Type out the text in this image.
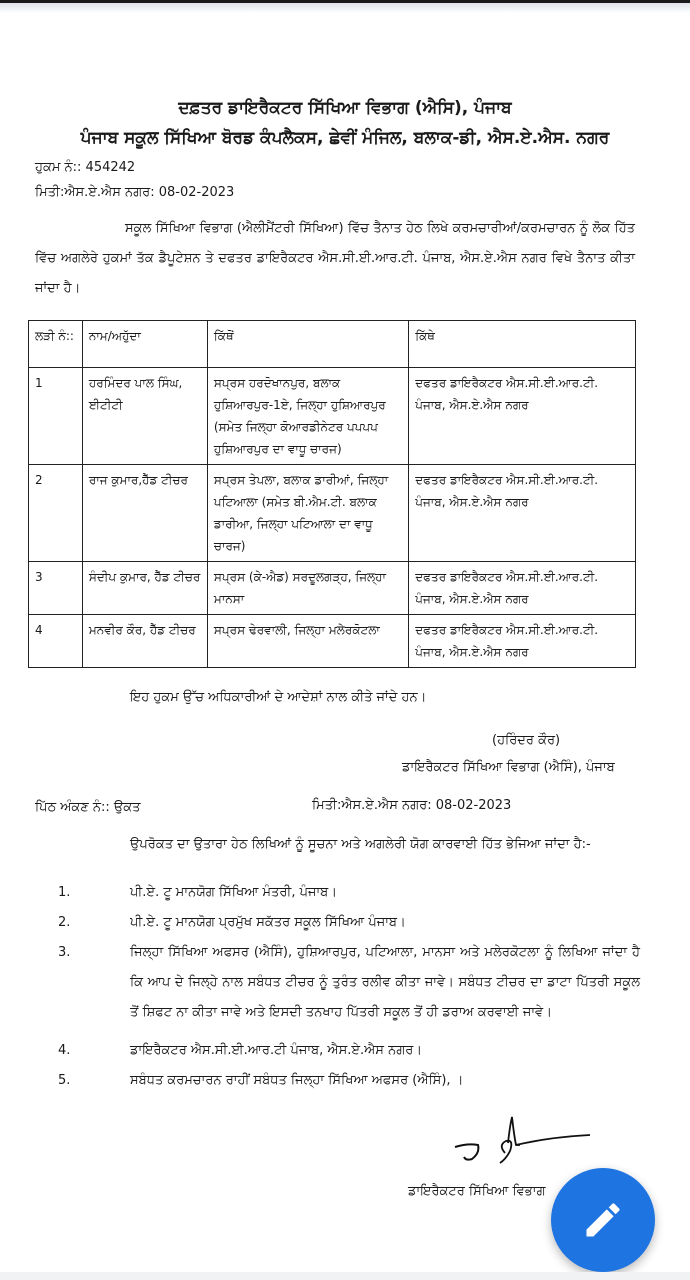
ਦਫ਼ਤਰ ਡਾਇਰੈਕਟਰ ਸਿੱਖਿਆ ਵਿਭਾਗ (ਐਸਿ), ਪੰਜਾਬ
ਪੰਜਾਬ ਸਕੂਲ ਸਿੱਖਿਆ ਬੋਰਡ ਕੰਪਲੈਕਸ, ਛੇਵੀਂ ਮੰਜਿਲ, ਬਲਾਕ-ਡੀ, ਐਸ.ਏ.ਐਸ. ਨਗਰ
ਹੁਕਮ ਨੰ:: 454242
ਮਿਤੀ:ਐਸ.ਏ.ਐਸ ਨਗਰ: 08-02-2023
ਸਕੂਲ ਸਿੱਖਿਆ ਵਿਭਾਗ (ਐਲੀਮੈਂਟਰੀ ਸਿੱਖਿਆ) ਵਿੱਚ ਤੈਨਾਤ ਹੇਠ ਲਿਖੇ ਕਰਮਚਾਰੀਆਂ/ਕਰਮਚਾਰਨ ਨੂੰ ਲੋਕ ਹਿੱਤ ਵਿੱਚ ਅਗਲੇਰੇ ਹੁਕਮਾਂ ਤੱਕ ਡੈਪੂਟੇਸ਼ਨ ਤੇ ਦਫਤਰ ਡਾਇਰੈਕਟਰ ਐਸ.ਸੀ.ਈ.ਆਰ.ਟੀ. ਪੰਜਾਬ, ਐਸ.ਏ.ਐਸ ਨਗਰ ਵਿਖੇ ਤੈਨਾਤ ਕੀਤਾ ਜਾਂਦਾ ਹੈ।
ਲੜੀ ਨੰ::	ਨਾਮ/ਅਹੁੱਦਾ	ਕਿੱਥੋਂ	ਕਿੱਥੇ
1	ਹਰਮਿੰਦਰ ਪਾਲ ਸਿੰਘ, ਈਟੀਟੀ	ਸਪ੍ਰਸ ਹਰਦੋਖਾਨਪੁਰ, ਬਲਾਕ ਹੁਸ਼ਿਆਰਪੁਰ-1ਏ, ਜਿਲ੍ਹਾ ਹੁਸ਼ਿਆਰਪੁਰ (ਸਮੇਤ ਜਿਲ੍ਹਾ ਕੋਆਰਡੀਨੇਟਰ ਪਪਪਪ ਹੁਸ਼ਿਆਰਪੁਰ ਦਾ ਵਾਧੂ ਚਾਰਜ)	ਦਫਤਰ ਡਾਇਰੈਕਟਰ ਐਸ.ਸੀ.ਈ.ਆਰ.ਟੀ. ਪੰਜਾਬ, ਐਸ.ਏ.ਐਸ ਨਗਰ
2	ਰਾਜ ਕੁਮਾਰ,ਹੈੱਡ ਟੀਚਰ	ਸਪ੍ਰਸ ਤੇਪਲਾ, ਬਲਾਕ ਡਾਰੀਆਂ, ਜਿਲ੍ਹਾ ਪਟਿਆਲਾ (ਸਮੇਤ ਬੀ.ਐਮ.ਟੀ. ਬਲਾਕ ਡਾਰੀਆ, ਜਿਲ੍ਹਾ ਪਟਿਆਲਾ ਦਾ ਵਾਧੂ ਚਾਰਜ)	ਦਫਤਰ ਡਾਇਰੈਕਟਰ ਐਸ.ਸੀ.ਈ.ਆਰ.ਟੀ. ਪੰਜਾਬ, ਐਸ.ਏ.ਐਸ ਨਗਰ
3	ਸੰਦੀਪ ਕੁਮਾਰ, ਹੈੱਡ ਟੀਚਰ	ਸਪ੍ਰਸ (ਕੇ-ਐਡ) ਸਰਦੂਲਗੜ੍ਹ, ਜਿਲ੍ਹਾ ਮਾਨਸਾ	ਦਫਤਰ ਡਾਇਰੈਕਟਰ ਐਸ.ਸੀ.ਈ.ਆਰ.ਟੀ. ਪੰਜਾਬ, ਐਸ.ਏ.ਐਸ ਨਗਰ
4	ਮਨਵੀਰ ਕੌਰ, ਹੈੱਡ ਟੀਚਰ	ਸਪ੍ਰਸ ਢੇਰਵਾਲੀ, ਜਿਲ੍ਹਾ ਮਲੇਰਕੋਟਲਾ	ਦਫਤਰ ਡਾਇਰੈਕਟਰ ਐਸ.ਸੀ.ਈ.ਆਰ.ਟੀ. ਪੰਜਾਬ, ਐਸ.ਏ.ਐਸ ਨਗਰ
ਇਹ ਹੁਕਮ ਉੱਚ ਅਧਿਕਾਰੀਆਂ ਦੇ ਆਦੇਸ਼ਾਂ ਨਾਲ ਕੀਤੇ ਜਾਂਦੇ ਹਨ।
(ਹਰਿੰਦਰ ਕੌਰ)
ਡਾਇਰੈਕਟਰ ਸਿੱਖਿਆ ਵਿਭਾਗ (ਐਸਿੰ), ਪੰਜਾਬ
ਪਿੱਠ ਅੰਕਣ ਨੰ:: ਉਕਤ	ਮਿਤੀ:ਐਸ.ਏ.ਐਸ ਨਗਰ: 08-02-2023
ਉਪਰੋਕਤ ਦਾ ਉਤਾਰਾ ਹੇਠ ਲਿਖਿਆਂ ਨੂੰ ਸੂਚਨਾ ਅਤੇ ਅਗਲੇਰੀ ਯੋਗ ਕਾਰਵਾਈ ਹਿੱਤ ਭੇਜਿਆ ਜਾਂਦਾ ਹੈ:-
1.	ਪੀ.ਏ. ਟੂ ਮਾਨਯੋਗ ਸਿੱਖਿਆ ਮੰਤਰੀ, ਪੰਜਾਬ।
2.	ਪੀ.ਏ. ਟੂ ਮਾਨਯੋਗ ਪ੍ਰਮੁੱਖ ਸਕੱਤਰ ਸਕੂਲ ਸਿੱਖਿਆ ਪੰਜਾਬ।
3.	ਜਿਲ੍ਹਾ ਸਿੱਖਿਆ ਅਫਸਰ (ਐਸਿੰ), ਹੁਸ਼ਿਆਰਪੁਰ, ਪਟਿਆਲਾ, ਮਾਨਸਾ ਅਤੇ ਮਲੇਰਕੋਟਲਾ ਨੂੰ ਲਿਖਿਆ ਜਾਂਦਾ ਹੈ ਕਿ ਆਪ ਦੇ ਜਿਲ੍ਹੇ ਨਾਲ ਸਬੰਧਤ ਟੀਚਰ ਨੂੰ ਤੁਰੰਤ ਰਲੀਵ ਕੀਤਾ ਜਾਵੇ। ਸਬੰਧਤ ਟੀਚਰ ਦਾ ਡਾਟਾ ਪਿੱਤਰੀ ਸਕੂਲ ਤੋਂ ਸ਼ਿਫਟ ਨਾ ਕੀਤਾ ਜਾਵੇ ਅਤੇ ਇਸਦੀ ਤਨਖਾਹ ਪਿੱਤਰੀ ਸਕੂਲ ਤੋਂ ਹੀ ਡਰਾਅ ਕਰਵਾਈ ਜਾਵੇ।
4.	ਡਾਇਰੈਕਟਰ ਐਸ.ਸੀ.ਈ.ਆਰ.ਟੀ ਪੰਜਾਬ, ਐਸ.ਏ.ਐਸ ਨਗਰ।
5.	ਸਬੰਧਤ ਕਰਮਚਾਰਨ ਰਾਹੀਂ ਸਬੰਧਤ ਜਿਲ੍ਹਾ ਸਿੱਖਿਆ ਅਫਸਰ (ਐਸਿੰ), ।
ਡਾਇਰੈਕਟਰ ਸਿੱਖਿਆ ਵਿਭਾਗ
